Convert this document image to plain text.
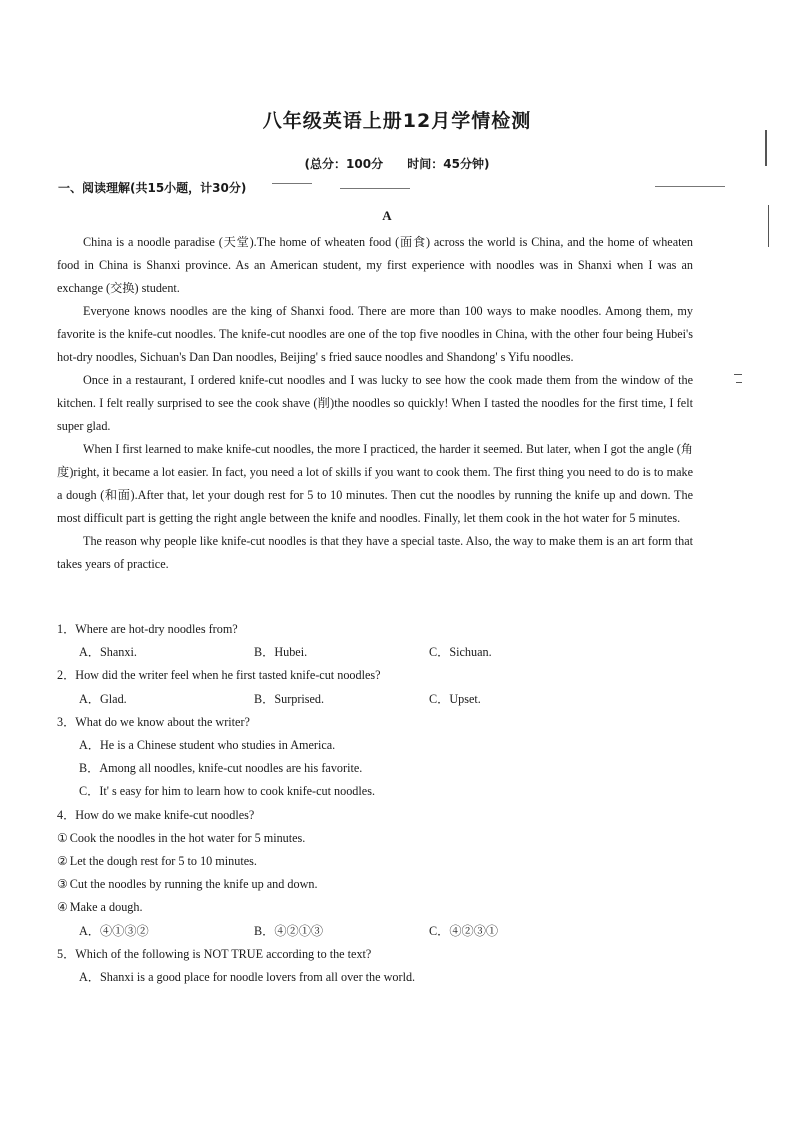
八年级英语上册12月学情检测
(总分：100分 时间：45分钟)
一、阅读理解(共15小题，计30分)
A

China is a noodle paradise (天堂).The home of wheaten food (面食) across the world is China, and the home of wheaten food in China is Shanxi province. As an American student, my first experience with noodles was in Shanxi when I was an exchange (交换) student.

Everyone knows noodles are the king of Shanxi food. There are more than 100 ways to make noodles. Among them, my favorite is the knife-cut noodles. The knife-cut noodles are one of the top five noodles in China, with the other four being Hubei's hot-dry noodles, Sichuan's Dan Dan noodles, Beijing' s fried sauce noodles and Shandong' s Yifu noodles.

Once in a restaurant, I ordered knife-cut noodles and I was lucky to see how the cook made them from the window of the kitchen. I felt really surprised to see the cook shave (削)the noodles so quickly! When I tasted the noodles for the first time, I felt super glad.

When I first learned to make knife-cut noodles, the more I practiced, the harder it seemed. But later, when I got the angle (角度)right, it became a lot easier. In fact, you need a lot of skills if you want to cook them. The first thing you need to do is to make a dough (和面).After that, let your dough rest for 5 to 10 minutes. Then cut the noodles by running the knife up and down. The most difficult part is getting the right angle between the knife and noodles. Finally, let them cook in the hot water for 5 minutes.

The reason why people like knife-cut noodles is that they have a special taste. Also, the way to make them is an art form that takes years of practice.

1．Where are hot-dry noodles from?
A．Shanxi.	B．Hubei.	C．Sichuan.
2．How did the writer feel when he first tasted knife-cut noodles?
A．Glad.	B．Surprised.	C．Upset.
3．What do we know about the writer?
A．He is a Chinese student who studies in America.
B．Among all noodles, knife-cut noodles are his favorite.
C．It' s easy for him to learn how to cook knife-cut noodles.
4．How do we make knife-cut noodles?
① Cook the noodles in the hot water for 5 minutes.
② Let the dough rest for 5 to 10 minutes.
③ Cut the noodles by running the knife up and down.
④ Make a dough.
A．④①③②	B．④②①③	C．④②③①
5．Which of the following is NOT TRUE according to the text?
A．Shanxi is a good place for noodle lovers from all over the world.
